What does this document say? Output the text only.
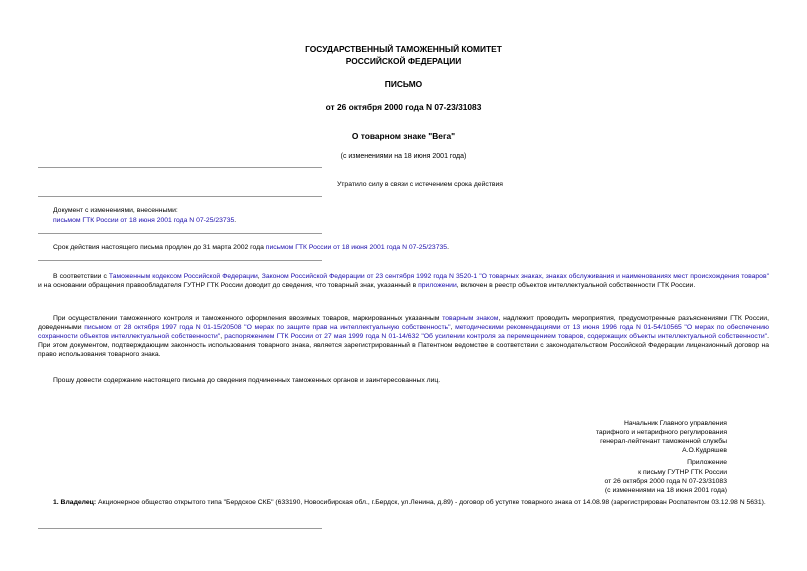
ГОСУДАРСТВЕННЫЙ ТАМОЖЕННЫЙ КОМИТЕТ
РОССИЙСКОЙ ФЕДЕРАЦИИ
ПИСЬМО
от 26 октября 2000 года N 07-23/31083
О товарном знаке "Вега"
(с изменениями на 18 июня 2001 года)
Утратило силу в связи с истечением срока действия
Документ с изменениями, внесенными:
письмом ГТК России от 18 июня 2001 года N 07-25/23735.
Срок действия настоящего письма продлен до 31 марта 2002 года письмом ГТК России от 18 июня 2001 года N 07-25/23735.
В соответствии с Таможенным кодексом Российской Федерации, Законом Российской Федерации от 23 сентября 1992 года N 3520-1 "О товарных знаках, знаках обслуживания и наименованиях мест происхождения товаров" и на основании обращения правообладателя ГУТНР ГТК России доводит до сведения, что товарный знак, указанный в приложении, включен в реестр объектов интеллектуальной собственности ГТК России.
При осуществлении таможенного контроля и таможенного оформления ввозимых товаров, маркированных указанным товарным знаком, надлежит проводить мероприятия, предусмотренные разъяснениями ГТК России, доведенными письмом от 28 октября 1997 года N 01-15/20508 "О мерах по защите прав на интеллектуальную собственность", методическими рекомендациями от 13 июня 1996 года N 01-54/10565 "О мерах по обеспечению сохранности объектов интеллектуальной собственности", распоряжением ГТК России от 27 мая 1999 года N 01-14/632 "Об усилении контроля за перемещением товаров, содержащих объекты интеллектуальной собственности". При этом документом, подтверждающим законность использования товарного знака, является зарегистрированный в Патентном ведомстве в соответствии с законодательством Российской Федерации лицензионный договор на право использования товарного знака.
Прошу довести содержание настоящего письма до сведения подчиненных таможенных органов и заинтересованных лиц.
Начальник Главного управления
тарифного и нетарифного регулирования
генерал-лейтенант таможенной службы
А.О.Кудряшев
Приложение
к письму ГУТНР ГТК России
от 26 октября 2000 года N 07-23/31083
(с изменениями на 18 июня 2001 года)
1. Владелец: Акционерное общество открытого типа "Бердское СКБ" (633190, Новосибирская обл., г.Бердск, ул.Ленина, д.89) - договор об уступке товарного знака от 14.08.98 (зарегистрирован Роспатентом 03.12.98 N 5631).
